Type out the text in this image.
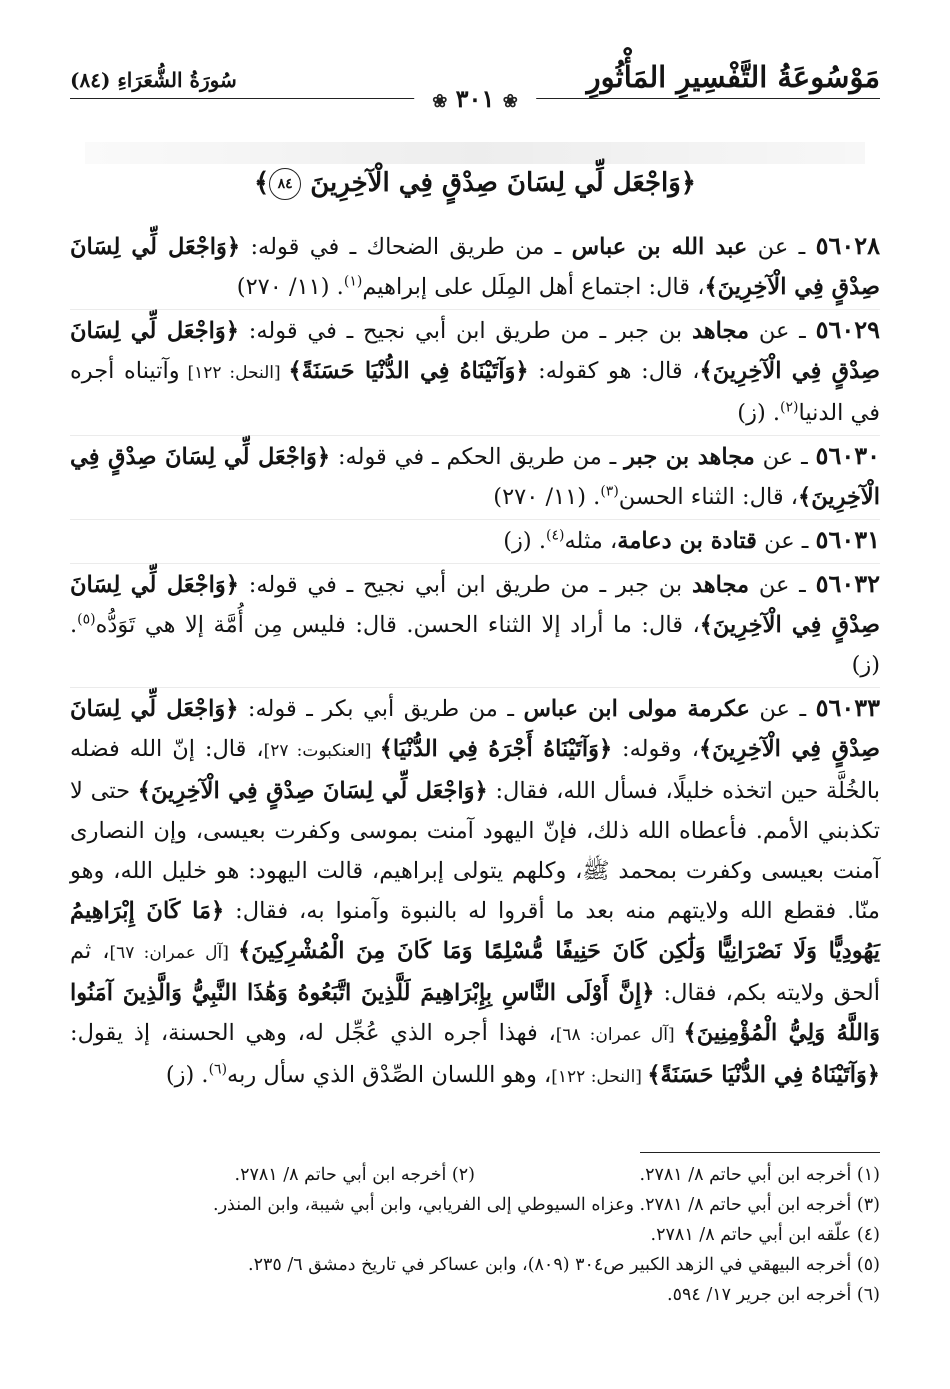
مَوْسُوعَةُ التَّفْسِيرِ المَأْثُورِ
سُورَةُ الشُّعَرَاءِ (٨٤)
❀ ٣٠١ ❀
﴿وَاجْعَل لِّي لِسَانَ صِدْقٍ فِي الْآخِرِينَ ٨٤﴾

٥٦٠٢٨ ـ عن عبد الله بن عباس ـ من طريق الضحاك ـ في قوله: ﴿وَاجْعَل لِّي لِسَانَ صِدْقٍ فِي الْآخِرِينَ﴾، قال: اجتماع أهل المِلَل على إبراهيم$^{(١)}$. (١١/ ٢٧٠)

٥٦٠٢٩ ـ عن مجاهد بن جبر ـ من طريق ابن أبي نجيح ـ في قوله: ﴿وَاجْعَل لِّي لِسَانَ صِدْقٍ فِي الْآخِرِينَ﴾، قال: هو كقوله: ﴿وَآتَيْنَاهُ فِي الدُّنْيَا حَسَنَةً﴾ [النحل: ١٢٢] وآتيناه أجره في الدنيا$^{(٢)}$. (ز)

٥٦٠٣٠ ـ عن مجاهد بن جبر ـ من طريق الحكم ـ في قوله: ﴿وَاجْعَل لِّي لِسَانَ صِدْقٍ فِي الْآخِرِينَ﴾، قال: الثناء الحسن$^{(٣)}$. (١١/ ٢٧٠)

٥٦٠٣١ ـ عن قتادة بن دعامة، مثله$^{(٤)}$. (ز)

٥٦٠٣٢ ـ عن مجاهد بن جبر ـ من طريق ابن أبي نجيح ـ في قوله: ﴿وَاجْعَل لِّي لِسَانَ صِدْقٍ فِي الْآخِرِينَ﴾، قال: ما أراد إلا الثناء الحسن. قال: فليس مِن أُمَّة إلا هي تَوَدُّه$^{(٥)}$. (ز)

٥٦٠٣٣ ـ عن عكرمة مولى ابن عباس ـ من طريق أبي بكر ـ قوله: ﴿وَاجْعَل لِّي لِسَانَ صِدْقٍ فِي الْآخِرِينَ﴾، وقوله: ﴿وَآتَيْنَاهُ أَجْرَهُ فِي الدُّنْيَا﴾ [العنكبوت: ٢٧]، قال: إنّ الله فضله بالخُلَّة حين اتخذه خليلًا، فسأل الله، فقال: ﴿وَاجْعَل لِّي لِسَانَ صِدْقٍ فِي الْآخِرِينَ﴾ حتى لا تكذبني الأمم. فأعطاه الله ذلك، فإنّ اليهود آمنت بموسى وكفرت بعيسى، وإن النصارى آمنت بعيسى وكفرت بمحمد ﷺ، وكلهم يتولى إبراهيم، قالت اليهود: هو خليل الله، وهو منّا. فقطع الله ولايتهم منه بعد ما أقروا له بالنبوة وآمنوا به، فقال: ﴿مَا كَانَ إِبْرَاهِيمُ يَهُودِيًّا وَلَا نَصْرَانِيًّا وَلَٰكِن كَانَ حَنِيفًا مُّسْلِمًا وَمَا كَانَ مِنَ الْمُشْرِكِينَ﴾ [آل عمران: ٦٧]، ثم ألحق ولايته بكم، فقال: ﴿إِنَّ أَوْلَى النَّاسِ بِإِبْرَاهِيمَ لَلَّذِينَ اتَّبَعُوهُ وَهَٰذَا النَّبِيُّ وَالَّذِينَ آمَنُوا وَاللَّهُ وَلِيُّ الْمُؤْمِنِينَ﴾ [آل عمران: ٦٨]، فهذا أجره الذي عُجِّل له، وهي الحسنة، إذ يقول: ﴿وَآتَيْنَاهُ فِي الدُّنْيَا حَسَنَةً﴾ [النحل: ١٢٢]، وهو اللسان الصِّدْق الذي سأل ربه$^{(٦)}$. (ز)

(١) أخرجه ابن أبي حاتم ٨/ ٢٧٨١.
(٢) أخرجه ابن أبي حاتم ٨/ ٢٧٨١.
(٣) أخرجه ابن أبي حاتم ٨/ ٢٧٨١. وعزاه السيوطي إلى الفريابي، وابن أبي شيبة، وابن المنذر.
(٤) علّقه ابن أبي حاتم ٨/ ٢٧٨١.
(٥) أخرجه البيهقي في الزهد الكبير ص٣٠٤ (٨٠٩)، وابن عساكر في تاريخ دمشق ٦/ ٢٣٥.
(٦) أخرجه ابن جرير ١٧/ ٥٩٤.
